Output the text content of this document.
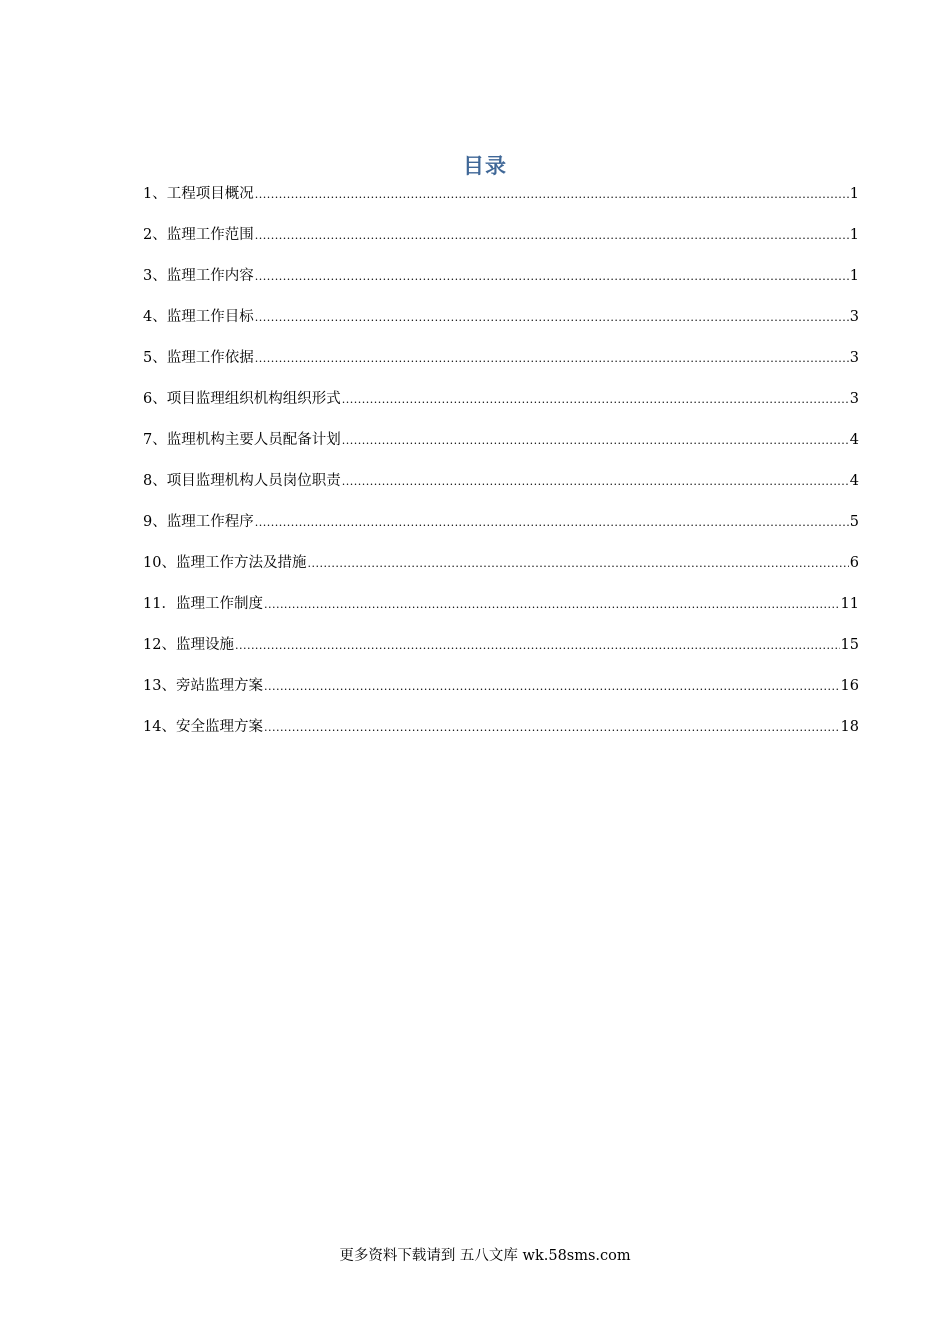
目录
1、工程项目概况 .....	1
2、监理工作范围 .....	1
3、监理工作内容 .....	1
4、监理工作目标 .....	3
5、监理工作依据 .....	3
6、项目监理组织机构组织形式 .....	3
7、监理机构主要人员配备计划 .....	4
8、项目监理机构人员岗位职责 .....	4
9、监理工作程序 .....	5
10、监理工作方法及措施 .....	6
11．监理工作制度 .....	11
12、监理设施 .....	15
13、旁站监理方案 .....	16
14、安全监理方案 .....	18
更多资料下载请到 五八文库 wk.58sms.com
